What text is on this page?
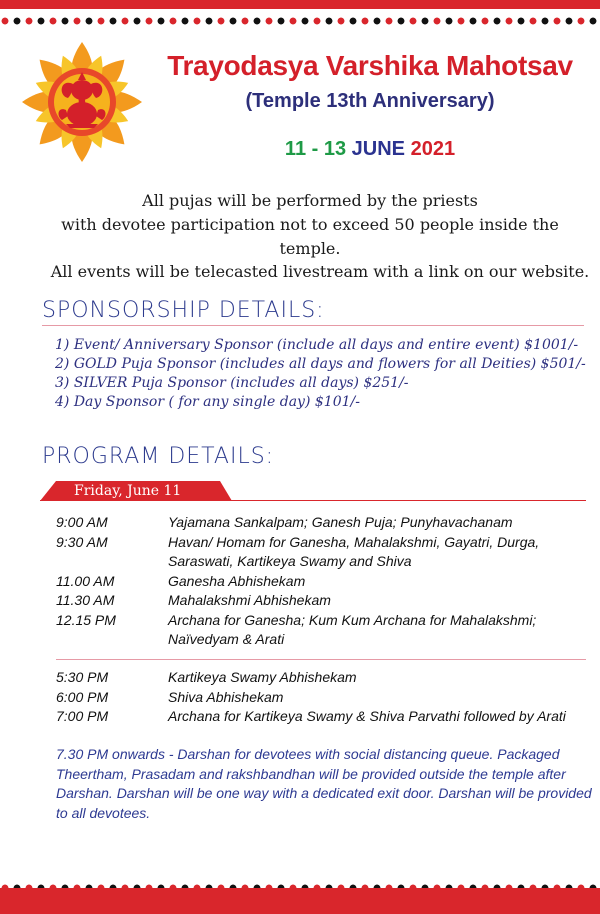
Trayodasya Varshika Mahotsav
(Temple 13th Anniversary)
11 - 13 JUNE 2021
All pujas will be performed by the priests
with devotee participation not to exceed 50 people inside the temple.
All events will be telecasted livestream with a link on our website.
SPONSORSHIP DETAILS:
1) Event/ Anniversary Sponsor (include all days and entire event) $1001/-
2) GOLD Puja Sponsor (includes all days and flowers for all Deities) $501/-
3) SILVER Puja Sponsor (includes all days) $251/-
4) Day Sponsor ( for any single day) $101/-
PROGRAM DETAILS:
Friday, June 11
9:00 AM	Yajamana Sankalpam; Ganesh Puja; Punyhavachanam
9:30 AM	Havan/ Homam for Ganesha, Mahalakshmi, Gayatri, Durga,
Saraswati, Kartikeya Swamy and Shiva
11.00 AM	Ganesha Abhishekam
11.30 AM	Mahalakshmi Abhishekam
12.15 PM	Archana for Ganesha; Kum Kum Archana for Mahalakshmi;
Naïvedyam & Arati
5:30 PM	Kartikeya Swamy Abhishekam
6:00 PM	Shiva Abhishekam
7:00 PM	Archana for Kartikeya Swamy & Shiva Parvathi followed by Arati
7.30 PM onwards - Darshan for devotees with social distancing queue. Packaged Theertham, Prasadam and rakshbandhan will be provided outside the temple after Darshan. Darshan will be one way with a dedicated exit door. Darshan will be provided to all devotees.
